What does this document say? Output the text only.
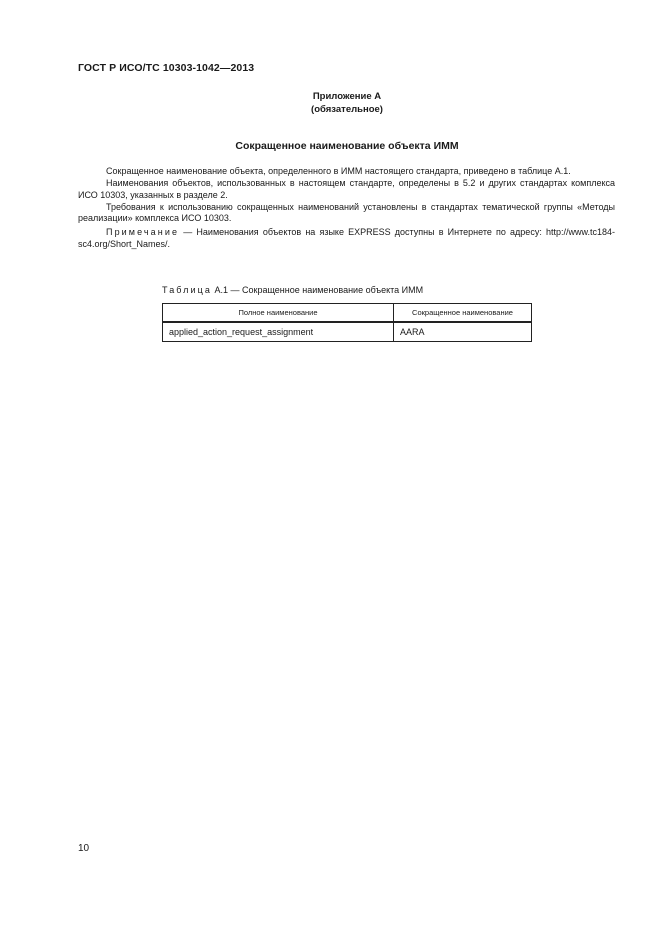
ГОСТ Р ИСО/ТС 10303-1042—2013
Приложение А
(обязательное)
Сокращенное наименование объекта ИММ

Сокращенное наименование объекта, определенного в ИММ настоящего стандарта, приведено в таблице А.1.

Наименования объектов, использованных в настоящем стандарте, определены в 5.2 и других стандартах комплекса ИСО 10303, указанных в разделе 2.

Требования к использованию сокращенных наименований установлены в стандартах тематической группы «Методы реализации» комплекса ИСО 10303.

Примечание — Наименования объектов на языке EXPRESS доступны в Интернете по адресу: http://www.tc184-sc4.org/Short_Names/.

Таблица А.1 — Сокращенное наименование объекта ИММ
Полное наименование	Сокращенное наименование
applied_action_request_assignment	AARA
10
